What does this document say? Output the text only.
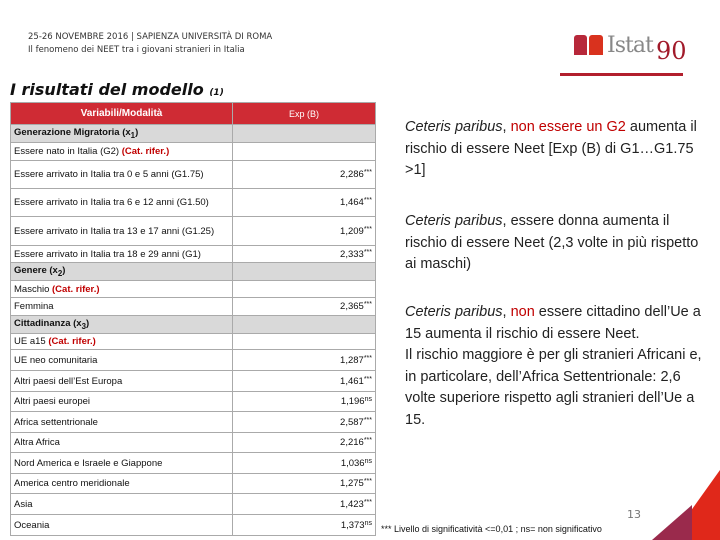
25-26 NOVEMBRE 2016 | SAPIENZA UNIVERSITÀ DI ROMA
Il fenomeno dei NEET tra i giovani stranieri in Italia	Istat 90
I risultati del modello (1)
Variabili/Modalità	Exp (B)
Generazione Migratoria $(x_1)$	
Essere nato in Italia (G2) (Cat. rifer.)	
Essere arrivato in Italia tra 0 e 5 anni (G1.75)	2,286***
Essere arrivato in Italia tra 6 e 12 anni (G1.50)	1,464***
Essere arrivato in Italia tra 13 e 17 anni (G1.25)	1,209***
Essere arrivato in Italia tra 18 e 29 anni (G1)	2,333***
Genere $(x_2)$	
Maschio (Cat. rifer.)	
Femmina	2,365***
Cittadinanza $(x_3)$	
UE a15 (Cat. rifer.)	
UE neo comunitaria	1,287***
Altri paesi dell’Est Europa	1,461***
Altri paesi europei	$1,196^{ns}$
Africa settentrionale	2,587***
Altra Africa	2,216***
Nord America e Israele e Giappone	$1,036^{ns}$
America centro meridionale	1,275***
Asia	1,423***
Oceania	$1,373^{ns}$
Ceteris paribus, non essere un G2 aumenta il rischio di essere Neet [Exp (B) di G1…G1.75 >1]
Ceteris paribus, essere donna aumenta il rischio di essere Neet (2,3 volte in più rispetto ai maschi)
Ceteris paribus, non essere cittadino dell’Ue a 15 aumenta il rischio di essere Neet.
Il rischio maggiore è per gli stranieri Africani e, in particolare, dell’Africa Settentrionale: 2,6 volte superiore rispetto agli stranieri dell’Ue a 15.
13
*** Livello di significatività <=0,01 ; ns= non significativo
